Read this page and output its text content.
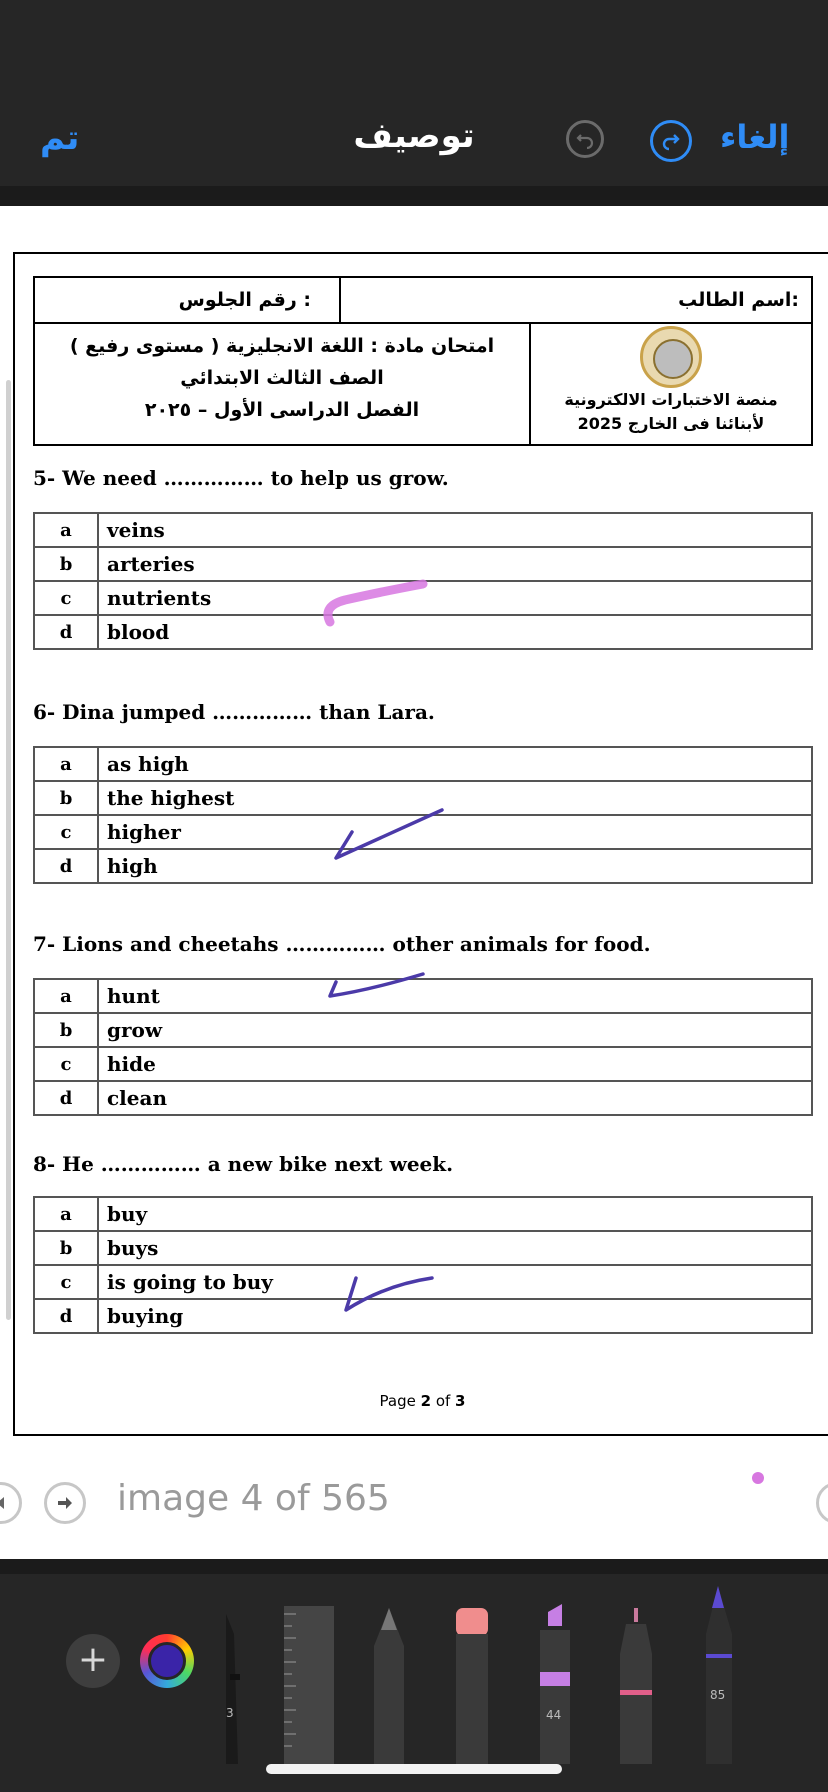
تم	توصيف	إلغاء
رقم الجلوس :	اسم الطالب:
امتحان مادة : اللغة الانجليزية ( مستوى رفيع )
الصف الثالث الابتدائي
الفصل الدراسى الأول – ٢٠٢٥	منصة الاختبارات الالكترونية
لأبنائنا فى الخارج 2025
5- We need …………… to help us grow.
a	veins
b	arteries
c	nutrients
d	blood
6- Dina jumped …………… than Lara.
a	as high
b	the highest
c	higher
d	high
7- Lions and cheetahs …………… other animals for food.
a	hunt
b	grow
c	hide
d	clean
8- He …………… a new bike next week.
a	buy
b	buys
c	is going to buy
d	buying
Page 2 of 3
image 4 of 565
+
3	44
85
